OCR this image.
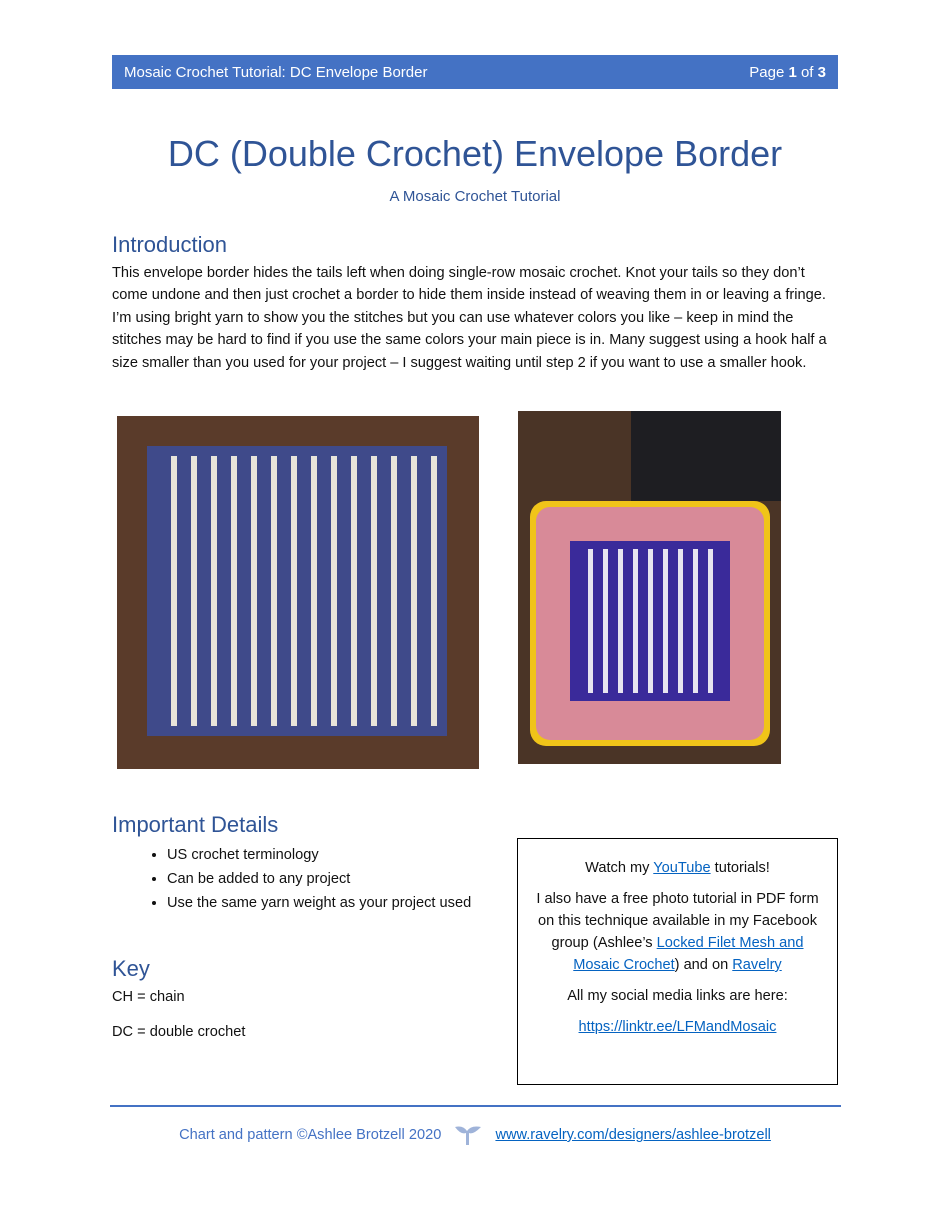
Mosaic Crochet Tutorial: DC Envelope Border	Page 1 of 3
DC (Double Crochet) Envelope Border
A Mosaic Crochet Tutorial
Introduction
This envelope border hides the tails left when doing single-row mosaic crochet. Knot your tails so they don’t come undone and then just crochet a border to hide them inside instead of weaving them in or leaving a fringe. I’m using bright yarn to show you the stitches but you can use whatever colors you like – keep in mind the stitches may be hard to find if you use the same colors your main piece is in. Many suggest using a hook half a size smaller than you used for your project – I suggest waiting until step 2 if you want to use a smaller hook.
Important Details
• US crochet terminology
• Can be added to any project
• Use the same yarn weight as your project used
Key
CH = chain
DC = double crochet

Watch my YouTube tutorials!

I also have a free photo tutorial in PDF form on this technique available in my Facebook group (Ashlee’s Locked Filet Mesh and Mosaic Crochet) and on Ravelry

All my social media links are here:

https://linktr.ee/LFMandMosaic

Chart and pattern ©Ashlee Brotzell 2020	www.ravelry.com/designers/ashlee-brotzell
